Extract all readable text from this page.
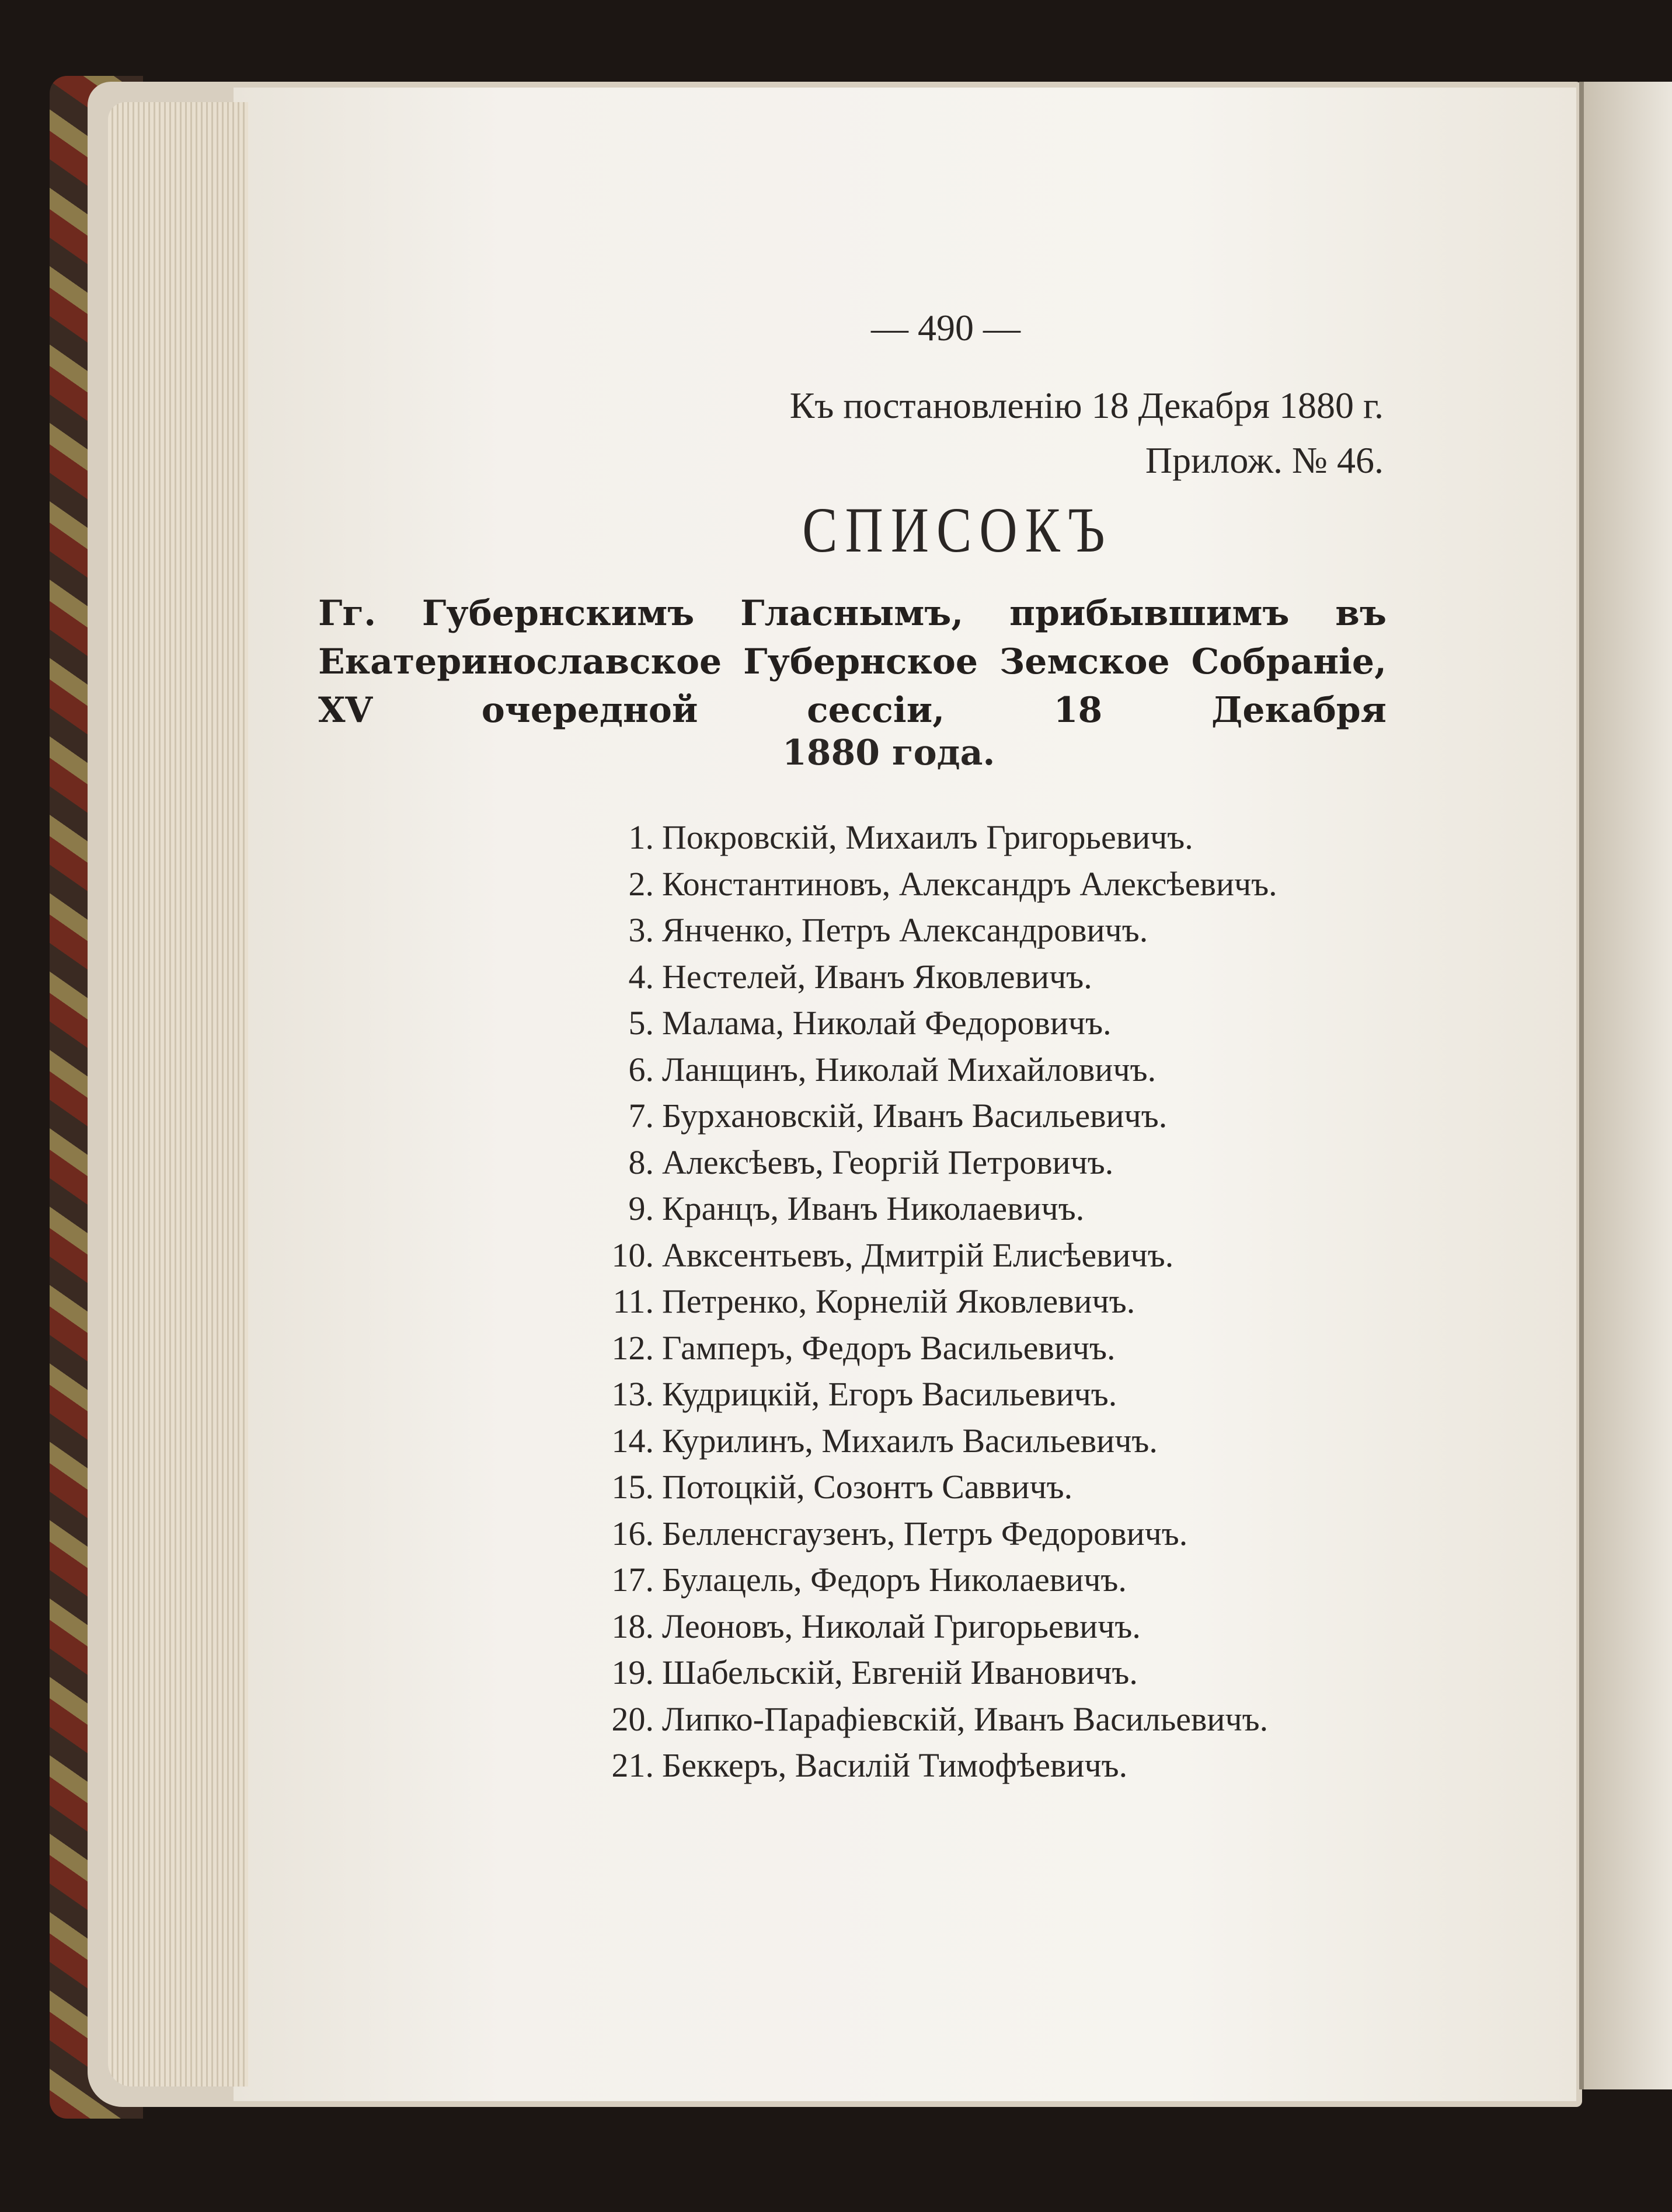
— 490 —
Къ постановленію 18 Декабря 1880 г.
Прилож. № 46.
СПИСОКЪ
Гг. Губернскимъ Гласнымъ, прибывшимъ въ Екатеринославское Губернское Земское Собраніе, XV очередной сессіи, 18 Декабря
1880 года.
1. Покровскій, Михаилъ Григорьевичъ.
2. Константиновъ, Александръ Алексѣевичъ.
3. Янченко, Петръ Александровичъ.
4. Нестелей, Иванъ Яковлевичъ.
5. Малама, Николай Федоровичъ.
6. Ланщинъ, Николай Михайловичъ.
7. Бурхановскій, Иванъ Васильевичъ.
8. Алексѣевъ, Георгій Петровичъ.
9. Кранцъ, Иванъ Николаевичъ.
10. Авксентьевъ, Дмитрій Елисѣевичъ.
11. Петренко, Корнелій Яковлевичъ.
12. Гамперъ, Федоръ Васильевичъ.
13. Кудрицкій, Егоръ Васильевичъ.
14. Курилинъ, Михаилъ Васильевичъ.
15. Потоцкій, Созонтъ Саввичъ.
16. Белленсгаузенъ, Петръ Федоровичъ.
17. Булацель, Федоръ Николаевичъ.
18. Леоновъ, Николай Григорьевичъ.
19. Шабельскій, Евгеній Ивановичъ.
20. Липко-Парафіевскій, Иванъ Васильевичъ.
21. Беккеръ, Василій Тимофѣевичъ.
